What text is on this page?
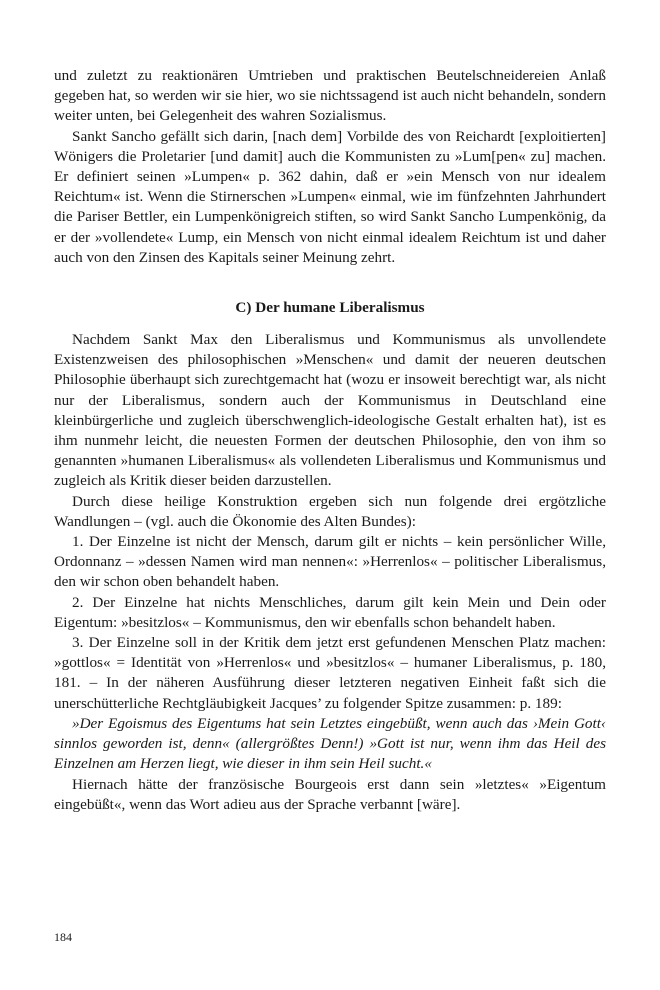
und zuletzt zu reaktionären Umtrieben und praktischen Beutelschneidereien Anlaß gegeben hat, so werden wir sie hier, wo sie nichtssagend ist auch nicht behandeln, sondern weiter unten, bei Gelegenheit des wahren Sozialismus.

Sankt Sancho gefällt sich darin, [nach dem] Vorbilde des von Reichardt [exploitierten] Wönigers die Proletarier [und damit] auch die Kommunisten zu »Lum[pen« zu] machen. Er definiert seinen »Lumpen« p. 362 dahin, daß er »ein Mensch von nur idealem Reichtum« ist. Wenn die Stirnerschen »Lumpen« einmal, wie im fünfzehnten Jahrhundert die Pariser Bettler, ein Lumpenkönigreich stiften, so wird Sankt Sancho Lumpenkönig, da er der »vollendete« Lump, ein Mensch von nicht einmal idealem Reichtum ist und daher auch von den Zinsen des Kapitals seiner Meinung zehrt.

C) Der humane Liberalismus

Nachdem Sankt Max den Liberalismus und Kommunismus als unvollendete Existenzweisen des philosophischen »Menschen« und damit der neueren deutschen Philosophie überhaupt sich zurechtgemacht hat (wozu er insoweit berechtigt war, als nicht nur der Liberalismus, sondern auch der Kommunismus in Deutschland eine kleinbürgerliche und zugleich überschwenglich-ideologische Gestalt erhalten hat), ist es ihm nunmehr leicht, die neuesten Formen der deutschen Philosophie, den von ihm so genannten »humanen Liberalismus« als vollendeten Liberalismus und Kommunismus und zugleich als Kritik dieser beiden darzustellen.

Durch diese heilige Konstruktion ergeben sich nun folgende drei ergötzliche Wandlungen – (vgl. auch die Ökonomie des Alten Bundes):

1. Der Einzelne ist nicht der Mensch, darum gilt er nichts – kein persönlicher Wille, Ordonnanz – »dessen Namen wird man nennen«: »Herrenlos« – politischer Liberalismus, den wir schon oben behandelt haben.

2. Der Einzelne hat nichts Menschliches, darum gilt kein Mein und Dein oder Eigentum: »besitzlos« – Kommunismus, den wir ebenfalls schon behandelt haben.

3. Der Einzelne soll in der Kritik dem jetzt erst gefundenen Menschen Platz machen: »gottlos« = Identität von »Herrenlos« und »besitzlos« – humaner Liberalismus, p. 180, 181. – In der näheren Ausführung dieser letzteren negativen Einheit faßt sich die unerschütterliche Rechtgläubigkeit Jacques’ zu folgender Spitze zusammen: p. 189:

»Der Egoismus des Eigentums hat sein Letztes eingebüßt, wenn auch das ›Mein Gott‹ sinnlos geworden ist, denn« (allergrößtes Denn!) »Gott ist nur, wenn ihm das Heil des Einzelnen am Herzen liegt, wie dieser in ihm sein Heil sucht.«

Hiernach hätte der französische Bourgeois erst dann sein »letztes« »Eigentum eingebüßt«, wenn das Wort adieu aus der Sprache verbannt [wäre].

184
